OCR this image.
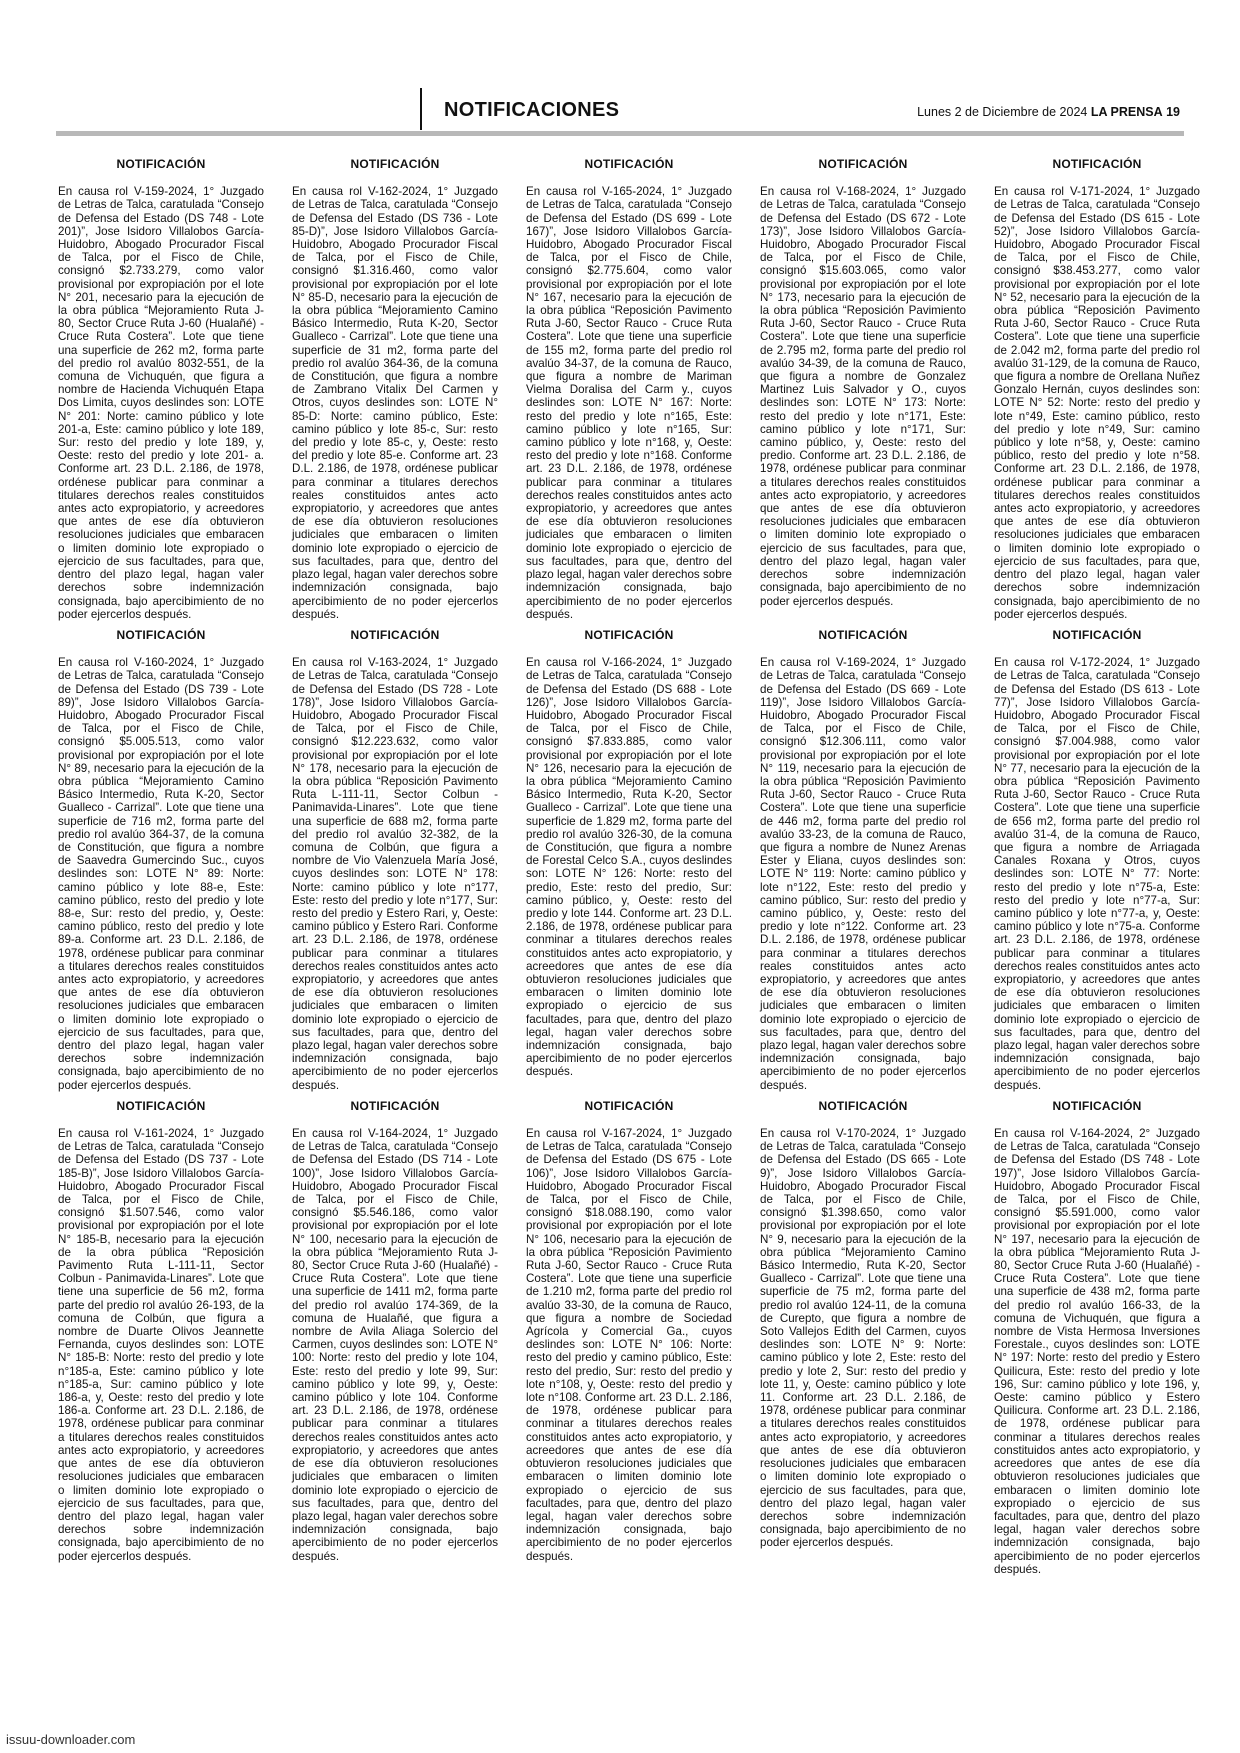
NOTIFICACIONES	Lunes 2 de Diciembre de 2024 LA PRENSA 19
NOTIFICACIÓN

En causa rol V-159-2024, 1° Juzgado de Letras de Talca, caratulada “Consejo de Defensa del Estado (DS 748 - Lote 201)”, Jose Isidoro Villalobos García-Huidobro, Abogado Procurador Fiscal de Talca, por el Fisco de Chile, consignó $2.733.279, como valor provisional por expropiación por el lote N° 201, necesario para la ejecución de la obra pública “Mejoramiento Ruta J-80, Sector Cruce Ruta J-60 (Hualañé) - Cruce Ruta Costera”. Lote que tiene una superficie de 262 m2, forma parte del predio rol avalúo 8032-551, de la comuna de Vichuquén, que figura a nombre de Hacienda Vichuquén Etapa Dos Limita, cuyos deslindes son: LOTE N° 201: Norte: camino público y lote 201-a, Este: camino público y lote 189, Sur: resto del predio y lote 189, y, Oeste: resto del predio y lote 201- a. Conforme art. 23 D.L. 2.186, de 1978, ordénese publicar para conminar a titulares derechos reales constituidos antes acto expropiatorio, y acreedores que antes de ese día obtuvieron resoluciones judiciales que embaracen o limiten dominio lote expropiado o ejercicio de sus facultades, para que, dentro del plazo legal, hagan valer derechos sobre indemnización consignada, bajo apercibimiento de no poder ejercerlos después.

NOTIFICACIÓN

En causa rol V-162-2024, 1° Juzgado de Letras de Talca, caratulada “Consejo de Defensa del Estado (DS 736 - Lote 85-D)”, Jose Isidoro Villalobos García-Huidobro, Abogado Procurador Fiscal de Talca, por el Fisco de Chile, consignó $1.316.460, como valor provisional por expropiación por el lote N° 85-D, necesario para la ejecución de la obra pública “Mejoramiento Camino Básico Intermedio, Ruta K-20, Sector Gualleco - Carrizal”. Lote que tiene una superficie de 31 m2, forma parte del predio rol avalúo 364-36, de la comuna de Constitución, que figura a nombre de Zambrano Vitalix Del Carmen y Otros, cuyos deslindes son: LOTE N° 85-D: Norte: camino público, Este: camino público y lote 85-c, Sur: resto del predio y lote 85-c, y, Oeste: resto del predio y lote 85-e. Conforme art. 23 D.L. 2.186, de 1978, ordénese publicar para conminar a titulares derechos reales constituidos antes acto expropiatorio, y acreedores que antes de ese día obtuvieron resoluciones judiciales que embaracen o limiten dominio lote expropiado o ejercicio de sus facultades, para que, dentro del plazo legal, hagan valer derechos sobre indemnización consignada, bajo apercibimiento de no poder ejercerlos después.

NOTIFICACIÓN

En causa rol V-165-2024, 1° Juzgado de Letras de Talca, caratulada “Consejo de Defensa del Estado (DS 699 - Lote 167)”, Jose Isidoro Villalobos García-Huidobro, Abogado Procurador Fiscal de Talca, por el Fisco de Chile, consignó $2.775.604, como valor provisional por expropiación por el lote N° 167, necesario para la ejecución de la obra pública “Reposición Pavimento Ruta J-60, Sector Rauco - Cruce Ruta Costera”. Lote que tiene una superficie de 155 m2, forma parte del predio rol avalúo 34-37, de la comuna de Rauco, que figura a nombre de Mariman Vielma Doralisa del Carm y., cuyos deslindes son: LOTE N° 167: Norte: resto del predio y lote n°165, Este: camino público y lote n°165, Sur: camino público y lote n°168, y, Oeste: resto del predio y lote n°168. Conforme art. 23 D.L. 2.186, de 1978, ordénese publicar para conminar a titulares derechos reales constituidos antes acto expropiatorio, y acreedores que antes de ese día obtuvieron resoluciones judiciales que embaracen o limiten dominio lote expropiado o ejercicio de sus facultades, para que, dentro del plazo legal, hagan valer derechos sobre indemnización consignada, bajo apercibimiento de no poder ejercerlos después.

NOTIFICACIÓN

En causa rol V-168-2024, 1° Juzgado de Letras de Talca, caratulada “Consejo de Defensa del Estado (DS 672 - Lote 173)”, Jose Isidoro Villalobos García-Huidobro, Abogado Procurador Fiscal de Talca, por el Fisco de Chile, consignó $15.603.065, como valor provisional por expropiación por el lote N° 173, necesario para la ejecución de la obra pública “Reposición Pavimiento Ruta J-60, Sector Rauco - Cruce Ruta Costera”. Lote que tiene una superficie de 2.795 m2, forma parte del predio rol avalúo 34-39, de la comuna de Rauco, que figura a nombre de Gonzalez Martinez Luis Salvador y O., cuyos deslindes son: LOTE N° 173: Norte: resto del predio y lote n°171, Este: camino público y lote n°171, Sur: camino público, y, Oeste: resto del predio. Conforme art. 23 D.L. 2.186, de 1978, ordénese publicar para conminar a titulares derechos reales constituidos antes acto expropiatorio, y acreedores que antes de ese día obtuvieron resoluciones judiciales que embaracen o limiten dominio lote expropiado o ejercicio de sus facultades, para que, dentro del plazo legal, hagan valer derechos sobre indemnización consignada, bajo apercibimiento de no poder ejercerlos después.

NOTIFICACIÓN

En causa rol V-171-2024, 1° Juzgado de Letras de Talca, caratulada “Consejo de Defensa del Estado (DS 615 - Lote 52)”, Jose Isidoro Villalobos García-Huidobro, Abogado Procurador Fiscal de Talca, por el Fisco de Chile, consignó $38.453.277, como valor provisional por expropiación por el lote N° 52, necesario para la ejecución de la obra pública “Reposición Pavimento Ruta J-60, Sector Rauco - Cruce Ruta Costera”. Lote que tiene una superficie de 2.042 m2, forma parte del predio rol avalúo 31-129, de la comuna de Rauco, que figura a nombre de Orellana Nuñez Gonzalo Hernán, cuyos deslindes son: LOTE N° 52: Norte: resto del predio y lote n°49, Este: camino público, resto del predio y lote n°49, Sur: camino público y lote n°58, y, Oeste: camino público, resto del predio y lote n°58. Conforme art. 23 D.L. 2.186, de 1978, ordénese publicar para conminar a titulares derechos reales constituidos antes acto expropiatorio, y acreedores que antes de ese día obtuvieron resoluciones judiciales que embaracen o limiten dominio lote expropiado o ejercicio de sus facultades, para que, dentro del plazo legal, hagan valer derechos sobre indemnización consignada, bajo apercibimiento de no poder ejercerlos después.

NOTIFICACIÓN

En causa rol V-160-2024, 1° Juzgado de Letras de Talca, caratulada “Consejo de Defensa del Estado (DS 739 - Lote 89)”, Jose Isidoro Villalobos García-Huidobro, Abogado Procurador Fiscal de Talca, por el Fisco de Chile, consignó $5.005.513, como valor provisional por expropiación por el lote N° 89, necesario para la ejecución de la obra pública “Mejoramiento Camino Básico Intermedio, Ruta K-20, Sector Gualleco - Carrizal”. Lote que tiene una superficie de 716 m2, forma parte del predio rol avalúo 364-37, de la comuna de Constitución, que figura a nombre de Saavedra Gumercindo Suc., cuyos deslindes son: LOTE N° 89: Norte: camino público y lote 88-e, Este: camino público, resto del predio y lote 88-e, Sur: resto del predio, y, Oeste: camino público, resto del predio y lote 89-a. Conforme art. 23 D.L. 2.186, de 1978, ordénese publicar para conminar a titulares derechos reales constituidos antes acto expropiatorio, y acreedores que antes de ese día obtuvieron resoluciones judiciales que embaracen o limiten dominio lote expropiado o ejercicio de sus facultades, para que, dentro del plazo legal, hagan valer derechos sobre indemnización consignada, bajo apercibimiento de no poder ejercerlos después.

NOTIFICACIÓN

En causa rol V-163-2024, 1° Juzgado de Letras de Talca, caratulada “Consejo de Defensa del Estado (DS 728 - Lote 178)”, Jose Isidoro Villalobos García-Huidobro, Abogado Procurador Fiscal de Talca, por el Fisco de Chile, consignó $12.223.632, como valor provisional por expropiación por el lote N° 178, necesario para la ejecución de la obra pública “Reposición Pavimento Ruta L-111-11, Sector Colbun - Panimavida-Linares”. Lote que tiene una superficie de 688 m2, forma parte del predio rol avalúo 32-382, de la comuna de Colbún, que figura a nombre de Vio Valenzuela María José, cuyos deslindes son: LOTE N° 178: Norte: camino público y lote n°177, Este: resto del predio y lote n°177, Sur: resto del predio y Estero Rari, y, Oeste: camino público y Estero Rari. Conforme art. 23 D.L. 2.186, de 1978, ordénese publicar para conminar a titulares derechos reales constituidos antes acto expropiatorio, y acreedores que antes de ese día obtuvieron resoluciones judiciales que embaracen o limiten dominio lote expropiado o ejercicio de sus facultades, para que, dentro del plazo legal, hagan valer derechos sobre indemnización consignada, bajo apercibimiento de no poder ejercerlos después.

NOTIFICACIÓN

En causa rol V-166-2024, 1° Juzgado de Letras de Talca, caratulada “Consejo de Defensa del Estado (DS 688 - Lote 126)”, Jose Isidoro Villalobos García-Huidobro, Abogado Procurador Fiscal de Talca, por el Fisco de Chile, consignó $7.833.885, como valor provisional por expropiación por el lote N° 126, necesario para la ejecución de la obra pública “Mejoramiento Camino Básico Intermedio, Ruta K-20, Sector Gualleco - Carrizal”. Lote que tiene una superficie de 1.829 m2, forma parte del predio rol avalúo 326-30, de la comuna de Constitución, que figura a nombre de Forestal Celco S.A., cuyos deslindes son: LOTE N° 126: Norte: resto del predio, Este: resto del predio, Sur: camino público, y, Oeste: resto del predio y lote 144. Conforme art. 23 D.L. 2.186, de 1978, ordénese publicar para conminar a titulares derechos reales constituidos antes acto expropiatorio, y acreedores que antes de ese día obtuvieron resoluciones judiciales que embaracen o limiten dominio lote expropiado o ejercicio de sus facultades, para que, dentro del plazo legal, hagan valer derechos sobre indemnización consignada, bajo apercibimiento de no poder ejercerlos después.

NOTIFICACIÓN

En causa rol V-169-2024, 1° Juzgado de Letras de Talca, caratulada “Consejo de Defensa del Estado (DS 669 - Lote 119)”, Jose Isidoro Villalobos García-Huidobro, Abogado Procurador Fiscal de Talca, por el Fisco de Chile, consignó $12.306.111, como valor provisional por expropiación por el lote N° 119, necesario para la ejecución de la obra pública “Reposición Pavimiento Ruta J-60, Sector Rauco - Cruce Ruta Costera”. Lote que tiene una superficie de 446 m2, forma parte del predio rol avalúo 33-23, de la comuna de Rauco, que figura a nombre de Nunez Arenas Ester y Eliana, cuyos deslindes son: LOTE N° 119: Norte: camino público y lote n°122, Este: resto del predio y camino público, Sur: resto del predio y camino público, y, Oeste: resto del predio y lote n°122. Conforme art. 23 D.L. 2.186, de 1978, ordénese publicar para conminar a titulares derechos reales constituidos antes acto expropiatorio, y acreedores que antes de ese día obtuvieron resoluciones judiciales que embaracen o limiten dominio lote expropiado o ejercicio de sus facultades, para que, dentro del plazo legal, hagan valer derechos sobre indemnización consignada, bajo apercibimiento de no poder ejercerlos después.

NOTIFICACIÓN

En causa rol V-172-2024, 1° Juzgado de Letras de Talca, caratulada “Consejo de Defensa del Estado (DS 613 - Lote 77)”, Jose Isidoro Villalobos García-Huidobro, Abogado Procurador Fiscal de Talca, por el Fisco de Chile, consignó $7.004.988, como valor provisional por expropiación por el lote N° 77, necesario para la ejecución de la obra pública “Reposición Pavimento Ruta J-60, Sector Rauco - Cruce Ruta Costera”. Lote que tiene una superficie de 656 m2, forma parte del predio rol avalúo 31-4, de la comuna de Rauco, que figura a nombre de Arriagada Canales Roxana y Otros, cuyos deslindes son: LOTE N° 77: Norte: resto del predio y lote n°75-a, Este: resto del predio y lote n°77-a, Sur: camino público y lote n°77-a, y, Oeste: camino público y lote n°75-a. Conforme art. 23 D.L. 2.186, de 1978, ordénese publicar para conminar a titulares derechos reales constituidos antes acto expropiatorio, y acreedores que antes de ese día obtuvieron resoluciones judiciales que embaracen o limiten dominio lote expropiado o ejercicio de sus facultades, para que, dentro del plazo legal, hagan valer derechos sobre indemnización consignada, bajo apercibimiento de no poder ejercerlos después.

NOTIFICACIÓN

En causa rol V-161-2024, 1° Juzgado de Letras de Talca, caratulada “Consejo de Defensa del Estado (DS 737 - Lote 185-B)”, Jose Isidoro Villalobos García-Huidobro, Abogado Procurador Fiscal de Talca, por el Fisco de Chile, consignó $1.507.546, como valor provisional por expropiación por el lote N° 185-B, necesario para la ejecución de la obra pública “Reposición Pavimento Ruta L-111-11, Sector Colbun - Panimavida-Linares”. Lote que tiene una superficie de 56 m2, forma parte del predio rol avalúo 26-193, de la comuna de Colbún, que figura a nombre de Duarte Olivos Jeannette Fernanda, cuyos deslindes son: LOTE N° 185-B: Norte: resto del predio y lote n°185-a, Este: camino público y lote n°185-a, Sur: camino público y lote 186-a, y, Oeste: resto del predio y lote 186-a. Conforme art. 23 D.L. 2.186, de 1978, ordénese publicar para conminar a titulares derechos reales constituidos antes acto expropiatorio, y acreedores que antes de ese día obtuvieron resoluciones judiciales que embaracen o limiten dominio lote expropiado o ejercicio de sus facultades, para que, dentro del plazo legal, hagan valer derechos sobre indemnización consignada, bajo apercibimiento de no poder ejercerlos después.

NOTIFICACIÓN

En causa rol V-164-2024, 1° Juzgado de Letras de Talca, caratulada “Consejo de Defensa del Estado (DS 714 - Lote 100)”, Jose Isidoro Villalobos García-Huidobro, Abogado Procurador Fiscal de Talca, por el Fisco de Chile, consignó $5.546.186, como valor provisional por expropiación por el lote N° 100, necesario para la ejecución de la obra pública “Mejoramiento Ruta J-80, Sector Cruce Ruta J-60 (Hualañé) - Cruce Ruta Costera”. Lote que tiene una superficie de 1411 m2, forma parte del predio rol avalúo 174-369, de la comuna de Hualañé, que figura a nombre de Avila Aliaga Solercio del Carmen, cuyos deslindes son: LOTE N° 100: Norte: resto del predio y lote 104, Este: resto del predio y lote 99, Sur: camino público y lote 99, y, Oeste: camino público y lote 104. Conforme art. 23 D.L. 2.186, de 1978, ordénese publicar para conminar a titulares derechos reales constituidos antes acto expropiatorio, y acreedores que antes de ese día obtuvieron resoluciones judiciales que embaracen o limiten dominio lote expropiado o ejercicio de sus facultades, para que, dentro del plazo legal, hagan valer derechos sobre indemnización consignada, bajo apercibimiento de no poder ejercerlos después.

NOTIFICACIÓN

En causa rol V-167-2024, 1° Juzgado de Letras de Talca, caratulada “Consejo de Defensa del Estado (DS 675 - Lote 106)”, Jose Isidoro Villalobos García-Huidobro, Abogado Procurador Fiscal de Talca, por el Fisco de Chile, consignó $18.088.190, como valor provisional por expropiación por el lote N° 106, necesario para la ejecución de la obra pública “Reposición Pavimiento Ruta J-60, Sector Rauco - Cruce Ruta Costera”. Lote que tiene una superficie de 1.210 m2, forma parte del predio rol avalúo 33-30, de la comuna de Rauco, que figura a nombre de Sociedad Agrícola y Comercial Ga., cuyos deslindes son: LOTE N° 106: Norte: resto del predio y camino público, Este: resto del predio, Sur: resto del predio y lote n°108, y, Oeste: resto del predio y lote n°108. Conforme art. 23 D.L. 2.186, de 1978, ordénese publicar para conminar a titulares derechos reales constituidos antes acto expropiatorio, y acreedores que antes de ese día obtuvieron resoluciones judiciales que embaracen o limiten dominio lote expropiado o ejercicio de sus facultades, para que, dentro del plazo legal, hagan valer derechos sobre indemnización consignada, bajo apercibimiento de no poder ejercerlos después.

NOTIFICACIÓN

En causa rol V-170-2024, 1° Juzgado de Letras de Talca, caratulada “Consejo de Defensa del Estado (DS 665 - Lote 9)”, Jose Isidoro Villalobos García-Huidobro, Abogado Procurador Fiscal de Talca, por el Fisco de Chile, consignó $1.398.650, como valor provisional por expropiación por el lote N° 9, necesario para la ejecución de la obra pública “Mejoramiento Camino Básico Intermedio, Ruta K-20, Sector Gualleco - Carrizal”. Lote que tiene una superficie de 75 m2, forma parte del predio rol avalúo 124-11, de la comuna de Curepto, que figura a nombre de Soto Vallejos Edith del Carmen, cuyos deslindes son: LOTE N° 9: Norte: camino público y lote 2, Este: resto del predio y lote 2, Sur: resto del predio y lote 11, y, Oeste: camino público y lote 11. Conforme art. 23 D.L. 2.186, de 1978, ordénese publicar para conminar a titulares derechos reales constituidos antes acto expropiatorio, y acreedores que antes de ese día obtuvieron resoluciones judiciales que embaracen o limiten dominio lote expropiado o ejercicio de sus facultades, para que, dentro del plazo legal, hagan valer derechos sobre indemnización consignada, bajo apercibimiento de no poder ejercerlos después.

NOTIFICACIÓN

En causa rol V-164-2024, 2° Juzgado de Letras de Talca, caratulada “Consejo de Defensa del Estado (DS 748 - Lote 197)”, Jose Isidoro Villalobos García-Huidobro, Abogado Procurador Fiscal de Talca, por el Fisco de Chile, consignó $5.591.000, como valor provisional por expropiación por el lote N° 197, necesario para la ejecución de la obra pública “Mejoramiento Ruta J-80, Sector Cruce Ruta J-60 (Hualañé) - Cruce Ruta Costera”. Lote que tiene una superficie de 438 m2, forma parte del predio rol avalúo 166-33, de la comuna de Vichuquén, que figura a nombre de Vista Hermosa Inversiones Forestale., cuyos deslindes son: LOTE N° 197: Norte: resto del predio y Estero Quilicura, Este: resto del predio y lote 196, Sur: camino público y lote 196, y, Oeste: camino público y Estero Quilicura. Conforme art. 23 D.L. 2.186, de 1978, ordénese publicar para conminar a titulares derechos reales constituidos antes acto expropiatorio, y acreedores que antes de ese día obtuvieron resoluciones judiciales que embaracen o limiten dominio lote expropiado o ejercicio de sus facultades, para que, dentro del plazo legal, hagan valer derechos sobre indemnización consignada, bajo apercibimiento de no poder ejercerlos después.

issuu-downloader.com
